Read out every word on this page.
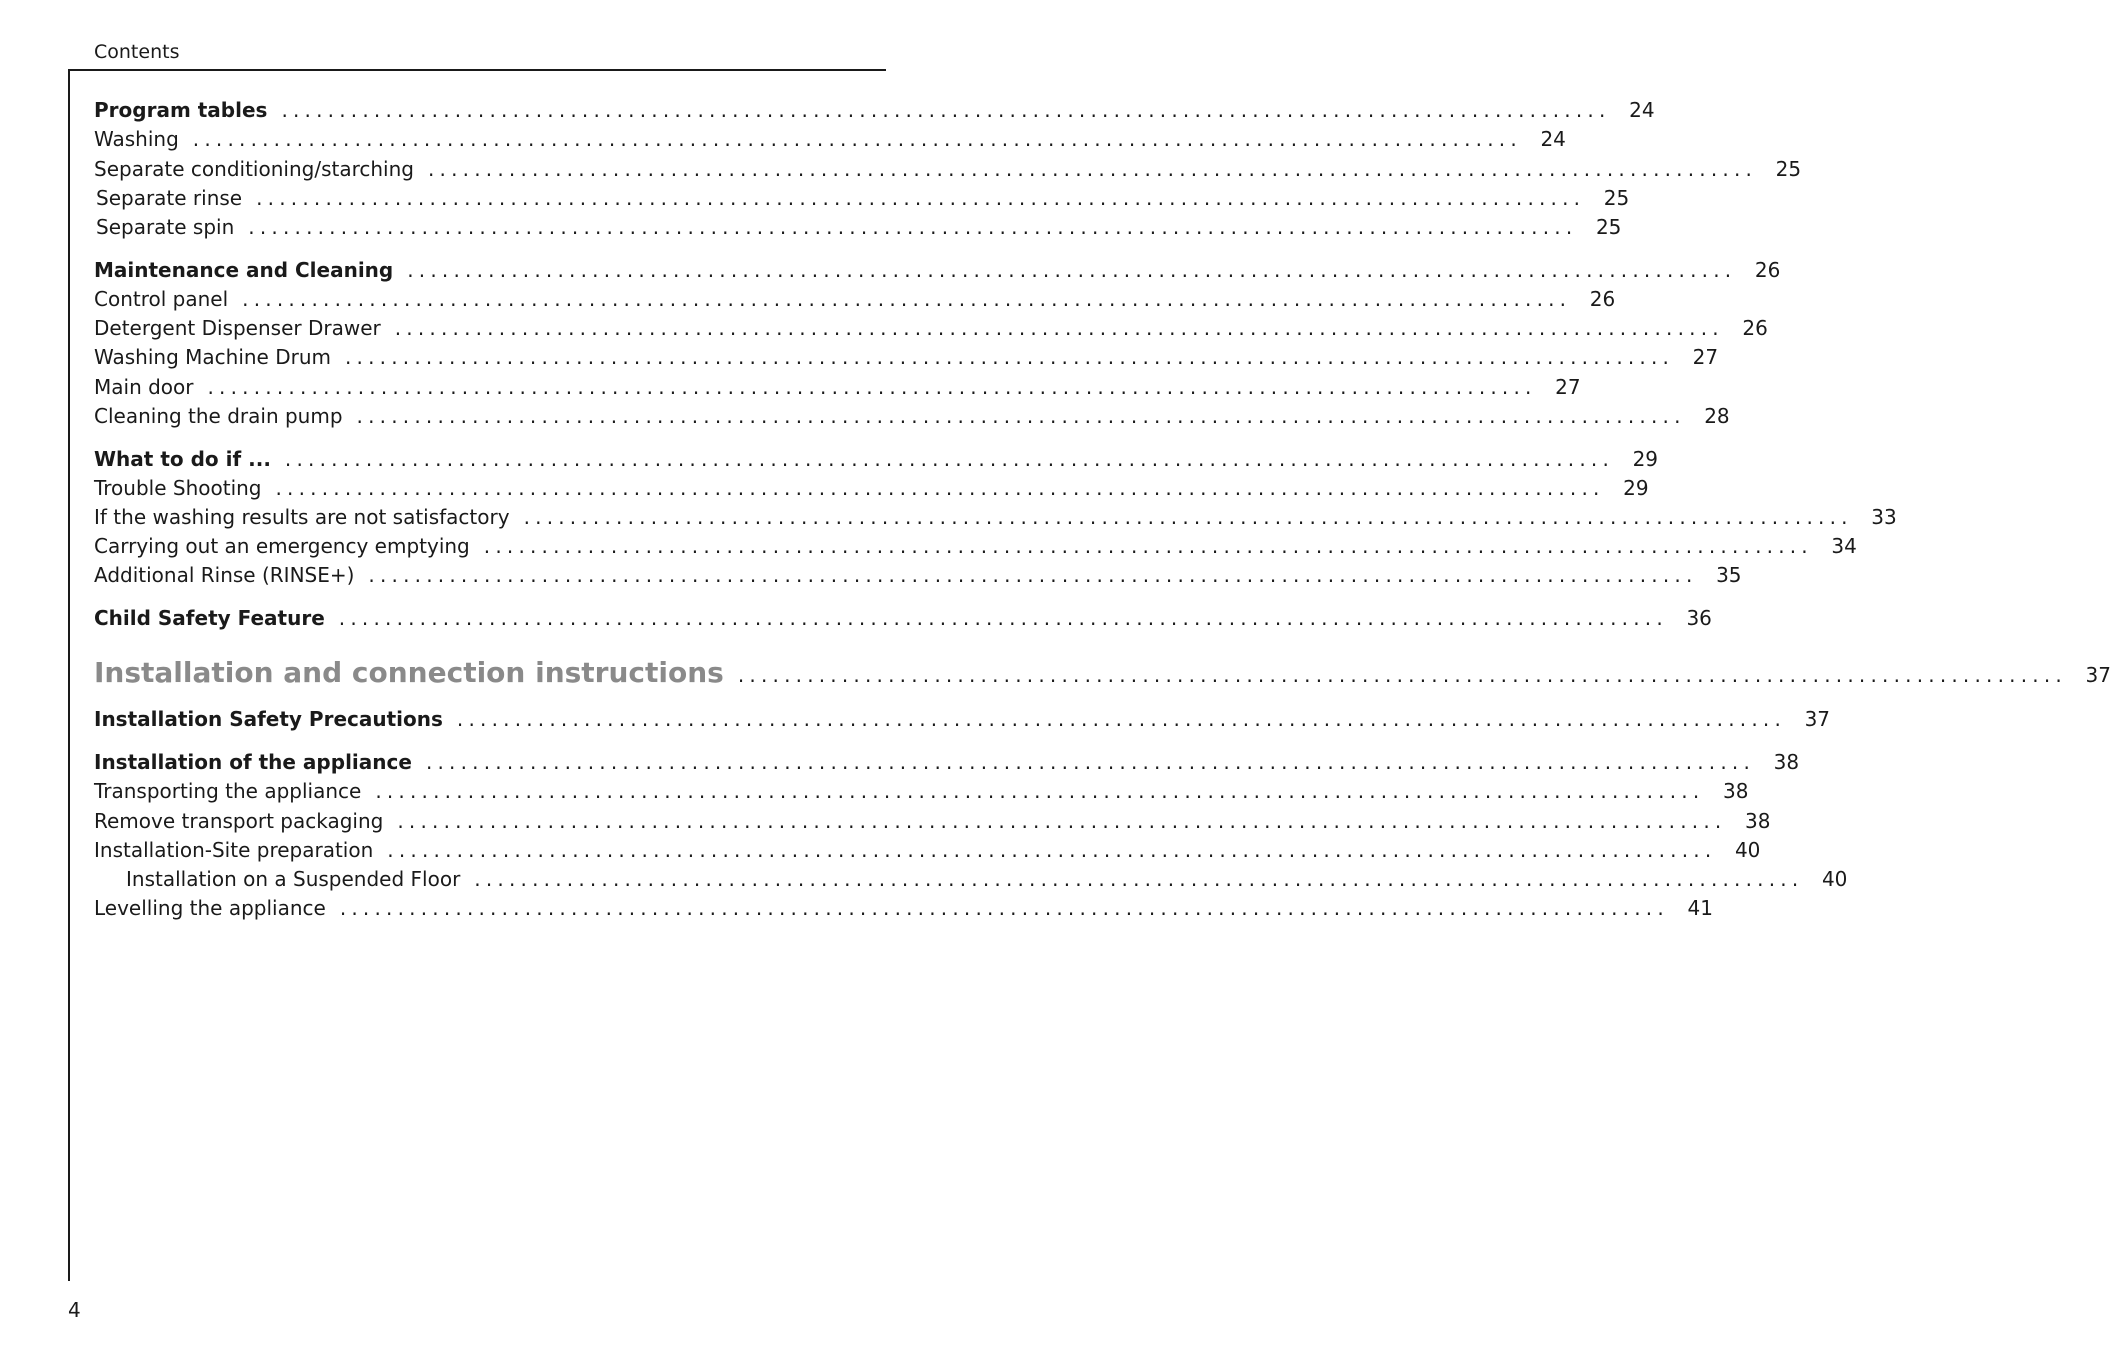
Contents
Program tables ................................................................................................................... 24
Washing ................................................................................................................... 24
Separate conditioning/starching ................................................................................................................... 25
Separate rinse ................................................................................................................... 25
Separate spin ................................................................................................................... 25
Maintenance and Cleaning ................................................................................................................... 26
Control panel ................................................................................................................... 26
Detergent Dispenser Drawer ................................................................................................................... 26
Washing Machine Drum ................................................................................................................... 27
Main door ................................................................................................................... 27
Cleaning the drain pump ................................................................................................................... 28
What to do if ... ................................................................................................................... 29
Trouble Shooting ................................................................................................................... 29
If the washing results are not satisfactory ................................................................................................................... 33
Carrying out an emergency emptying ................................................................................................................... 34
Additional Rinse (RINSE+) ................................................................................................................... 35
Child Safety Feature ................................................................................................................... 36
Installation and connection instructions ................................................................................................................... 37
Installation Safety Precautions ................................................................................................................... 37
Installation of the appliance ................................................................................................................... 38
Transporting the appliance ................................................................................................................... 38
Remove transport packaging ................................................................................................................... 38
Installation-Site preparation ................................................................................................................... 40
Installation on a Suspended Floor ................................................................................................................... 40
Levelling the appliance ................................................................................................................... 41
4
